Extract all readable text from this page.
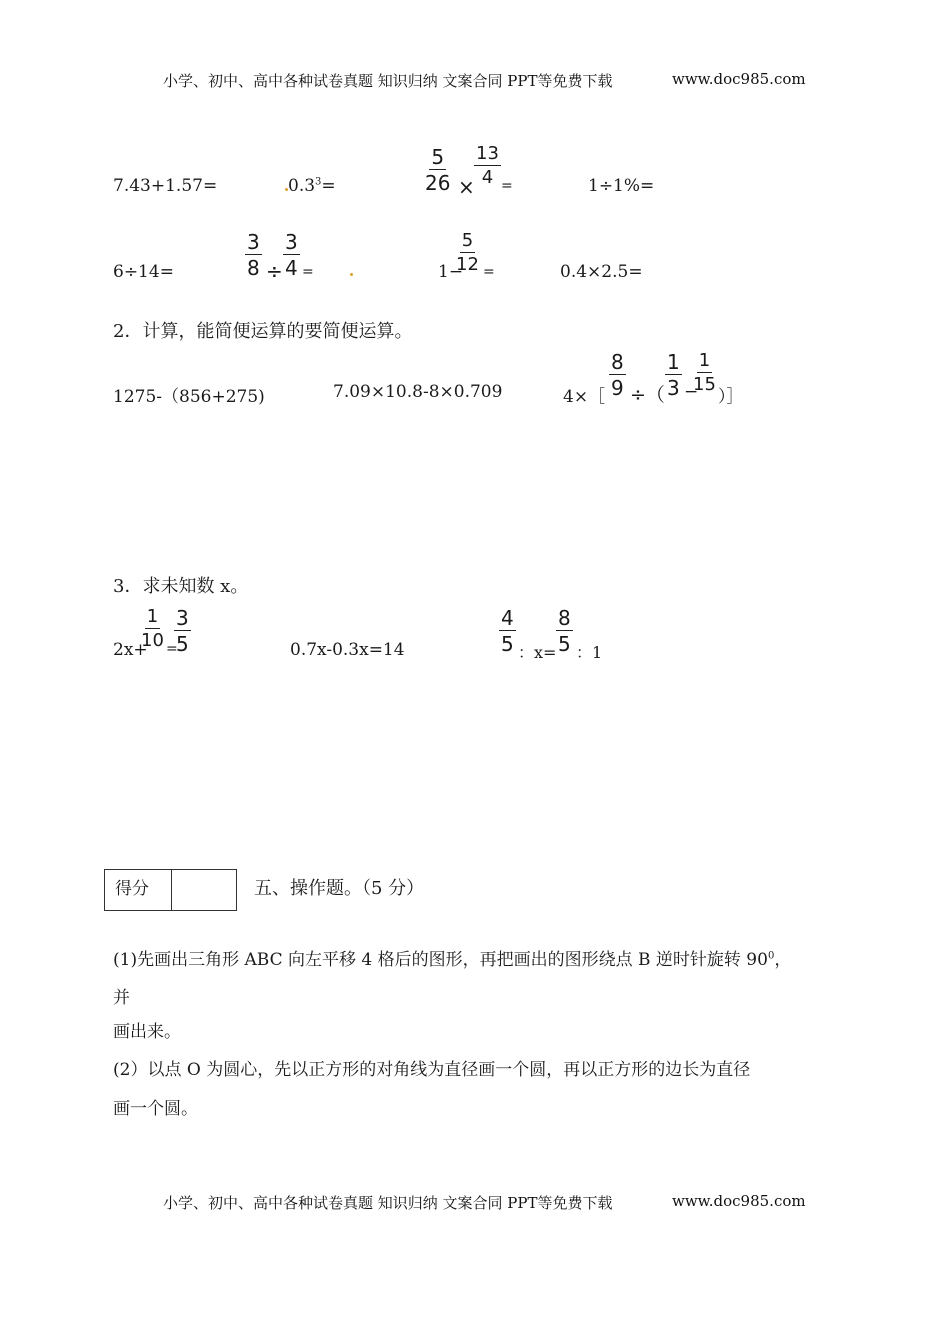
小学、初中、高中各种试卷真题 知识归纳 文案合同 PPT等免费下载	www.doc985.com
7.43+1.57=	$0.3^3=$	$\frac{5}{26} \times \frac{13}{4}$ =	1÷1%=
6÷14=	$\frac{3}{8} \div \frac{3}{4}$ =	1−
$\frac{5}{12}$ =	0.4×2.5=
2．计算，能简便运算的要简便运算。
1275-（856+275)	7.09×10.8-8×0.709	4×［ $\frac{8}{9}$ ÷（ $\frac{1}{3}$ −
$\frac{1}{15}$
）］
3．求未知数 x。
2x+
$\frac{1}{10}$ =
$\frac{3}{5}$	0.7x-0.3x=14	$\frac{4}{5}$ ：$x= \frac{8}{5}$ ：1
得分	五、操作题。（5 分）
(1)先画出三角形 ABC 向左平移 4 格后的图形，再把画出的图形绕点 B 逆时针旋转 $90^0$，
并
画出来。
(2）以点 O 为圆心，先以正方形的对角线为直径画一个圆，再以正方形的边长为直径
画一个圆。
小学、初中、高中各种试卷真题 知识归纳 文案合同 PPT等免费下载	www.doc985.com
